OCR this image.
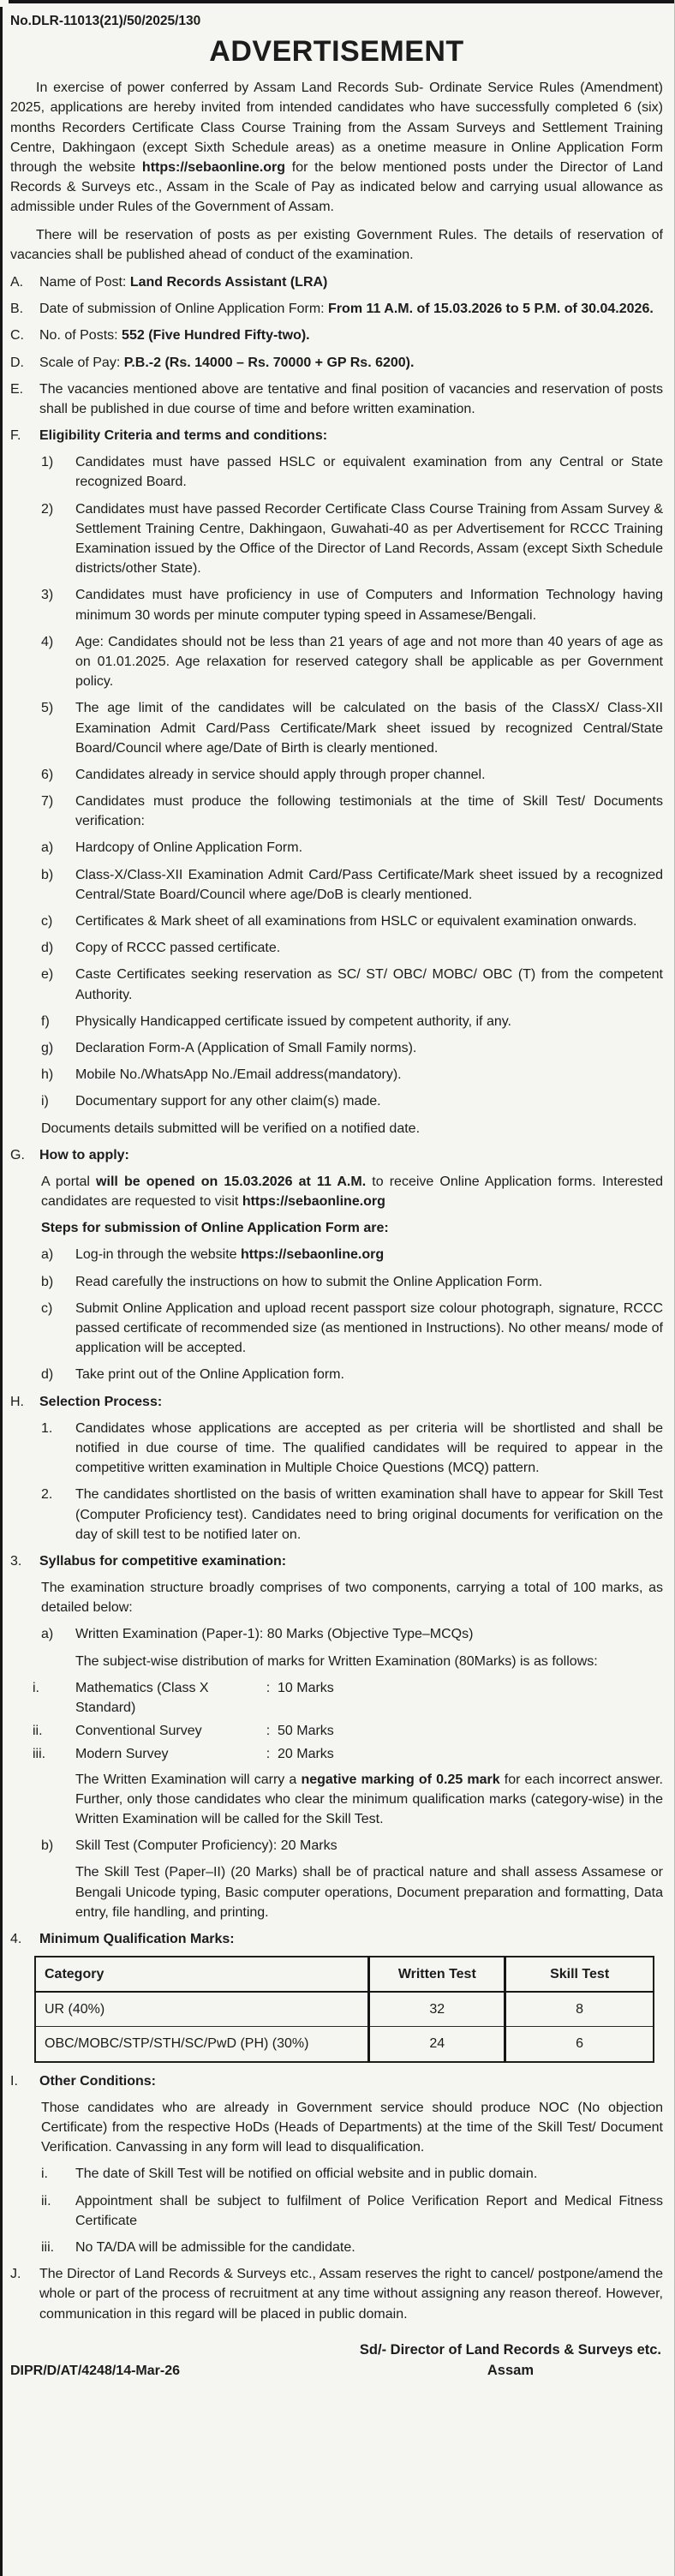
No.DLR-11013(21)/50/2025/130
ADVERTISEMENT
In exercise of power conferred by Assam Land Records Sub- Ordinate Service Rules (Amendment) 2025, applications are hereby invited from intended candidates who have successfully completed 6 (six) months Recorders Certificate Class Course Training from the Assam Surveys and Settlement Training Centre, Dakhingaon (except Sixth Schedule areas) as a onetime measure in Online Application Form through the website https://sebaonline.org for the below mentioned posts under the Director of Land Records & Surveys etc., Assam in the Scale of Pay as indicated below and carrying usual allowance as admissible under Rules of the Government of Assam.
There will be reservation of posts as per existing Government Rules. The details of reservation of vacancies shall be published ahead of conduct of the examination.
A.	Name of Post: Land Records Assistant (LRA)
B.	Date of submission of Online Application Form: From 11 A.M. of 15.03.2026 to 5 P.M. of 30.04.2026.
C.	No. of Posts: 552 (Five Hundred Fifty-two).
D.	Scale of Pay: P.B.-2 (Rs. 14000 – Rs. 70000 + GP Rs. 6200).
E.	The vacancies mentioned above are tentative and final position of vacancies and reservation of posts shall be published in due course of time and before written examination.
F.	Eligibility Criteria and terms and conditions:
1)	Candidates must have passed HSLC or equivalent examination from any Central or State recognized Board.
2)	Candidates must have passed Recorder Certificate Class Course Training from Assam Survey & Settlement Training Centre, Dakhingaon, Guwahati-40 as per Advertisement for RCCC Training Examination issued by the Office of the Director of Land Records, Assam (except Sixth Schedule districts/other State).
3)	Candidates must have proficiency in use of Computers and Information Technology having minimum 30 words per minute computer typing speed in Assamese/Bengali.
4)	Age: Candidates should not be less than 21 years of age and not more than 40 years of age as on 01.01.2025. Age relaxation for reserved category shall be applicable as per Government policy.
5)	The age limit of the candidates will be calculated on the basis of the ClassX/ Class-XII Examination Admit Card/Pass Certificate/Mark sheet issued by recognized Central/State Board/Council where age/Date of Birth is clearly mentioned.
6)	Candidates already in service should apply through proper channel.
7)	Candidates must produce the following testimonials at the time of Skill Test/ Documents verification:
a)	Hardcopy of Online Application Form.
b)	Class-X/Class-XII Examination Admit Card/Pass Certificate/Mark sheet issued by a recognized Central/State Board/Council where age/DoB is clearly mentioned.
c)	Certificates & Mark sheet of all examinations from HSLC or equivalent examination onwards.
d)	Copy of RCCC passed certificate.
e)	Caste Certificates seeking reservation as SC/ ST/ OBC/ MOBC/ OBC (T) from the competent Authority.
f)	Physically Handicapped certificate issued by competent authority, if any.
g)	Declaration Form-A (Application of Small Family norms).
h)	Mobile No./WhatsApp No./Email address(mandatory).
i)	Documentary support for any other claim(s) made.
Documents details submitted will be verified on a notified date.
G.	How to apply:
A portal will be opened on 15.03.2026 at 11 A.M. to receive Online Application forms. Interested candidates are requested to visit https://sebaonline.org
Steps for submission of Online Application Form are:
a)	Log-in through the website https://sebaonline.org
b)	Read carefully the instructions on how to submit the Online Application Form.
c)	Submit Online Application and upload recent passport size colour photograph, signature, RCCC passed certificate of recommended size (as mentioned in Instructions). No other means/ mode of application will be accepted.
d)	Take print out of the Online Application form.
H.	Selection Process:
1.	Candidates whose applications are accepted as per criteria will be shortlisted and shall be notified in due course of time. The qualified candidates will be required to appear in the competitive written examination in Multiple Choice Questions (MCQ) pattern.
2.	The candidates shortlisted on the basis of written examination shall have to appear for Skill Test (Computer Proficiency test). Candidates need to bring original documents for verification on the day of skill test to be notified later on.
3.	Syllabus for competitive examination:
The examination structure broadly comprises of two components, carrying a total of 100 marks, as detailed below:
a)	Written Examination (Paper-1): 80 Marks (Objective Type–MCQs)
The subject-wise distribution of marks for Written Examination (80Marks) is as follows:
i.	Mathematics (Class X Standard)
: 10 Marks
ii.	Conventional Survey	: 50 Marks
iii.	Modern Survey	: 20 Marks
The Written Examination will carry a negative marking of 0.25 mark for each incorrect answer. Further, only those candidates who clear the minimum qualification marks (category-wise) in the Written Examination will be called for the Skill Test.
b)	Skill Test (Computer Proficiency): 20 Marks
The Skill Test (Paper–II) (20 Marks) shall be of practical nature and shall assess Assamese or Bengali Unicode typing, Basic computer operations, Document preparation and formatting, Data entry, file handling, and printing.
4.	Minimum Qualification Marks:
Category	Written Test	Skill Test
UR (40%)	32	8
OBC/MOBC/STP/STH/SC/PwD (PH) (30%)	24	6
I.	Other Conditions:
Those candidates who are already in Government service should produce NOC (No objection Certificate) from the respective HoDs (Heads of Departments) at the time of the Skill Test/ Document Verification. Canvassing in any form will lead to disqualification.
i.	The date of Skill Test will be notified on official website and in public domain.
ii.	Appointment shall be subject to fulfilment of Police Verification Report and Medical Fitness Certificate
iii.	No TA/DA will be admissible for the candidate.
J.	The Director of Land Records & Surveys etc., Assam reserves the right to cancel/ postpone/amend the whole or part of the process of recruitment at any time without assigning any reason thereof. However, communication in this regard will be placed in public domain.
DIPR/D/AT/4248/14-Mar-26
Sd/- Director of Land Records & Surveys etc.
Assam
